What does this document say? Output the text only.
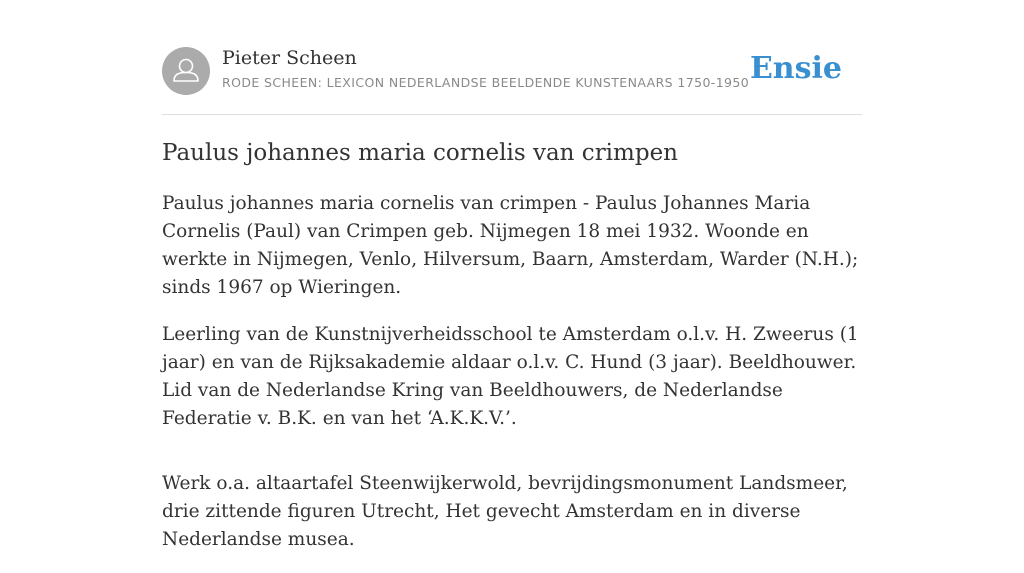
Pieter Scheen
RODE SCHEEN: LEXICON NEDERLANDSE BEELDENDE KUNSTENAARS 1750-1950 Ensie
Paulus johannes maria cornelis van crimpen

Paulus johannes maria cornelis van crimpen - Paulus Johannes Maria Cornelis (Paul) van Crimpen geb. Nijmegen 18 mei 1932. Woonde en werkte in Nijmegen, Venlo, Hilversum, Baarn, Amsterdam, Warder (N.H.); sinds 1967 op Wieringen.

Leerling van de Kunstnijverheidsschool te Amsterdam o.l.v. H. Zweerus (1 jaar) en van de Rijksakademie aldaar o.l.v. C. Hund (3 jaar). Beeldhouwer. Lid van de Nederlandse Kring van Beeldhouwers, de Nederlandse Federatie v. B.K. en van het ‘A.K.K.V.’.

Werk o.a. altaartafel Steenwijkerwold, bevrijdingsmonument Landsmeer, drie zittende figuren Utrecht, Het gevecht Amsterdam en in diverse Nederlandse musea.
